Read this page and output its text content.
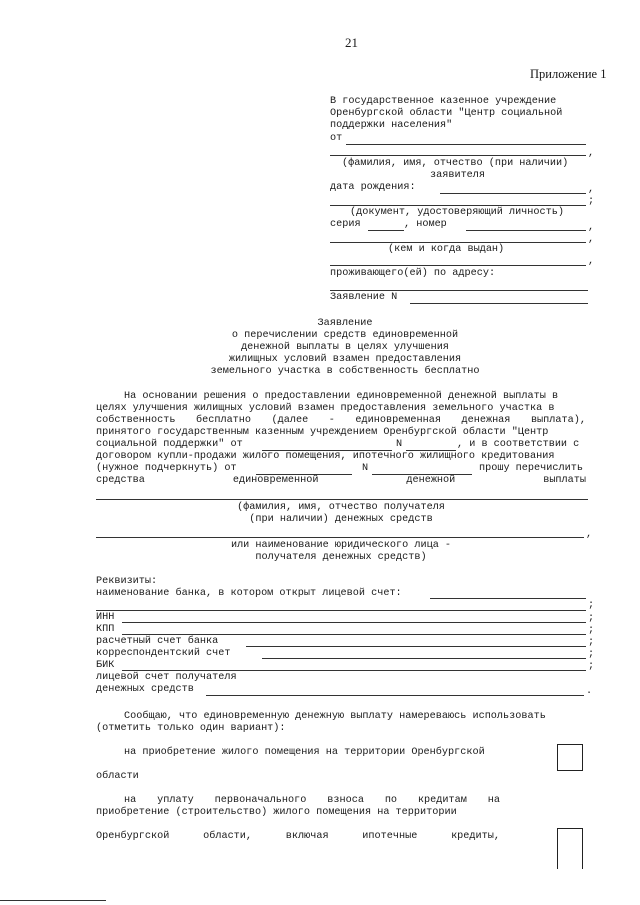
21
Приложение 1
В государственное казенное учреждение
Оренбургской области "Центр социальной
поддержки населения"
от
,
(фамилия, имя, отчество (при наличии)
заявителя
дата рождения:	,
;
(документ, удостоверяющий личность)
серия	, номер	,
,
(кем и когда выдан)
,
проживающего(ей) по адресу:
Заявление N
Заявление
о перечислении средств единовременной
денежной выплаты в целях улучшения
жилищных условий взамен предоставления
земельного участка в собственность бесплатно
На основании решения о предоставлении единовременной денежной выплаты в
целях улучшения жилищных условий взамен предоставления земельного участка в
собственность бесплатно (далее - единовременная денежная выплата),
принятого государственным казенным учреждением Оренбургской области "Центр
социальной поддержки" от	N	, и в соответствии с
договором купли-продажи жилого помещения, ипотечного жилищного кредитования
(нужное подчеркнуть) от	N	прошу перечислить
средства	единовременной	денежной	выплаты
(фамилия, имя, отчество получателя
(при наличии) денежных средств
,
или наименование юридического лица -
получателя денежных средств)
Реквизиты:
наименование банка, в котором открыт лицевой счет:
;
ИНН	;
КПП	;
расчетный счет банка	;
корреспондентский счет	;
БИК	;
лицевой счет получателя
денежных средств	.
Сообщаю, что единовременную денежную выплату намереваюсь использовать
(отметить только один вариант):
на приобретение жилого помещения на территории Оренбургской
области
на уплату первоначального взноса по кредитам на
приобретение (строительство) жилого помещения на территории
Оренбургской	области,	включая	ипотечные	кредиты,
